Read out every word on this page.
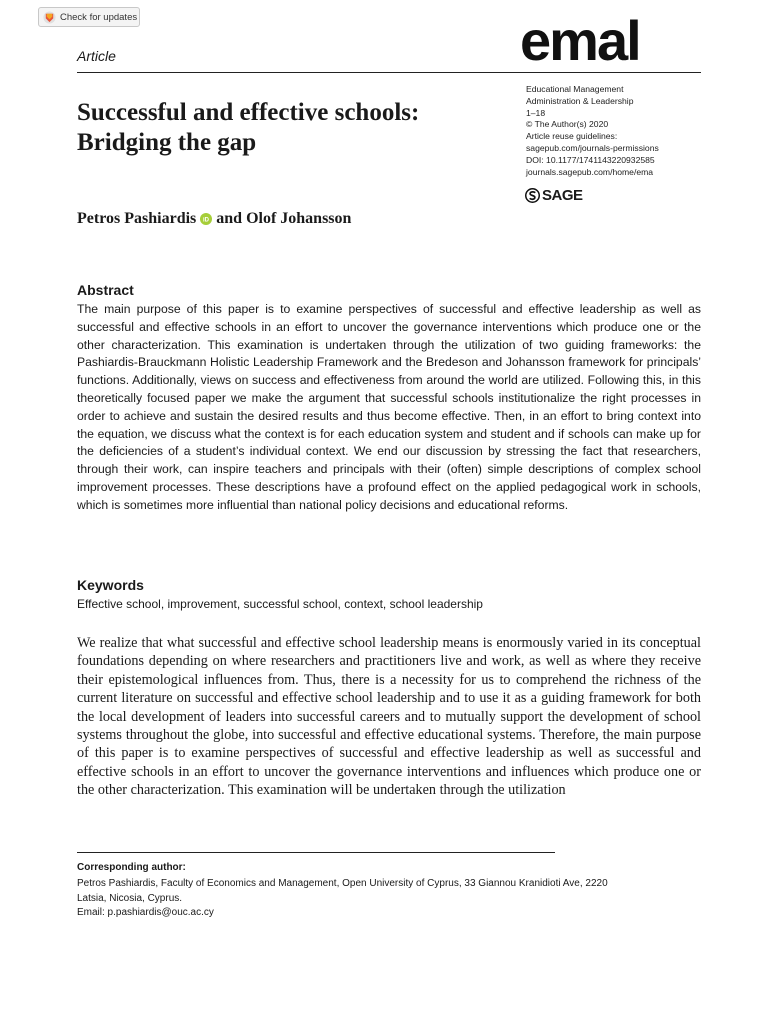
Check for updates
Article	emal
Successful and effective schools:
Bridging the gap
Educational Management
Administration & Leadership
1–18
© The Author(s) 2020
Article reuse guidelines:
sagepub.com/journals-permissions
DOI: 10.1177/1741143220932585
journals.sagepub.com/home/ema
SAGE
Petros Pashiardis iD and Olof Johansson
Abstract

The main purpose of this paper is to examine perspectives of successful and effective leadership as well as successful and effective schools in an effort to uncover the governance interventions which produce one or the other characterization. This examination is undertaken through the utilization of two guiding frameworks: the Pashiardis-Brauckmann Holistic Leadership Framework and the Bredeson and Johansson framework for principals’ functions. Additionally, views on success and effectiveness from around the world are utilized. Following this, in this theoretically focused paper we make the argument that successful schools institutionalize the right processes in order to achieve and sustain the desired results and thus become effective. Then, in an effort to bring context into the equation, we discuss what the context is for each education system and student and if schools can make up for the deficiencies of a student’s individual context. We end our discussion by stressing the fact that researchers, through their work, can inspire teachers and principals with their (often) simple descriptions of complex school improvement processes. These descriptions have a profound effect on the applied pedagogical work in schools, which is sometimes more influential than national policy decisions and educational reforms.

Keywords

Effective school, improvement, successful school, context, school leadership

We realize that what successful and effective school leadership means is enormously varied in its conceptual foundations depending on where researchers and practitioners live and work, as well as where they receive their epistemological influences from. Thus, there is a necessity for us to comprehend the richness of the current literature on successful and effective school leadership and to use it as a guiding framework for both the local development of leaders into successful careers and to mutually support the development of school systems throughout the globe, into successful and effective educational systems. Therefore, the main purpose of this paper is to examine perspectives of successful and effective leadership as well as successful and effective schools in an effort to uncover the governance interventions and influences which produce one or the other characterization. This examination will be undertaken through the utilization

Corresponding author:
Petros Pashiardis, Faculty of Economics and Management, Open University of Cyprus, 33 Giannou Kranidioti Ave, 2220
Latsia, Nicosia, Cyprus.
Email: p.pashiardis@ouc.ac.cy
